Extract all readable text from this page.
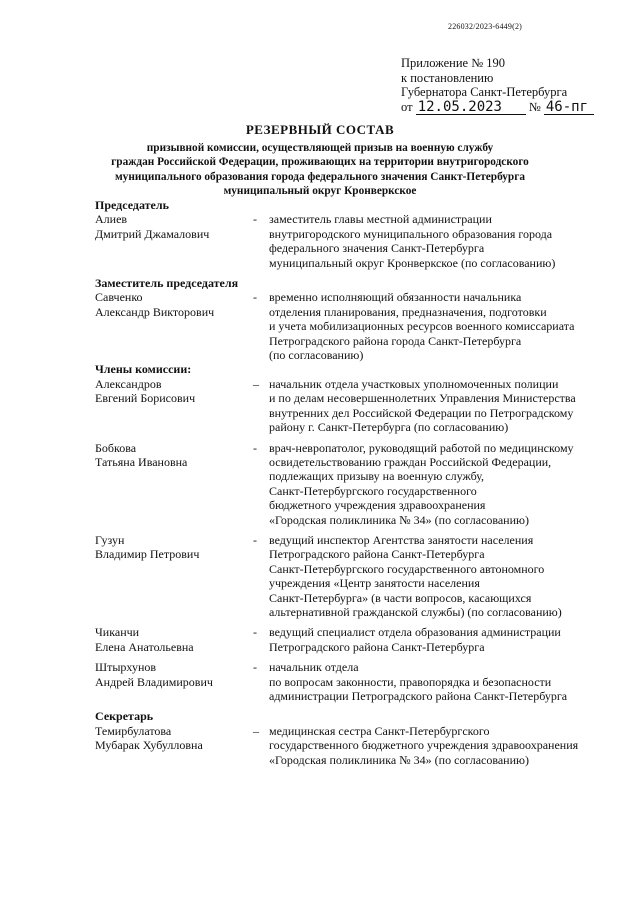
226032/2023-6449(2)
Приложение № 190
к постановлению
Губернатора Санкт-Петербурга
от 12.05.2023 № 46-пг
РЕЗЕРВНЫЙ СОСТАВ
призывной комиссии, осуществляющей призыв на военную службу
граждан Российской Федерации, проживающих на территории внутригородского
муниципального образования города федерального значения Санкт-Петербурга
муниципальный округ Кронверкское
Председатель
Алиев
Дмитрий Джамалович
-	заместитель главы местной администрации
внутригородского муниципального образования города
федерального значения Санкт-Петербурга
муниципальный округ Кронверкское (по согласованию)
Заместитель председателя
Савченко
Александр Викторович
-	временно исполняющий обязанности начальника
отделения планирования, предназначения, подготовки
и учета мобилизационных ресурсов военного комиссариата
Петроградского района города Санкт-Петербурга
(по согласованию)
Члены комиссии:
Александров
Евгений Борисович
– начальник отдела участковых уполномоченных полиции
и по делам несовершеннолетних Управления Министерства
внутренних дел Российской Федерации по Петроградскому
району г. Санкт-Петербурга (по согласованию)
Бобкова
Татьяна Ивановна
-	врач-невропатолог, руководящий работой по медицинскому
освидетельствованию граждан Российской Федерации,
подлежащих призыву на военную службу,
Санкт-Петербургского государственного
бюджетного учреждения здравоохранения
«Городская поликлиника № 34» (по согласованию)
Гузун
Владимир Петрович
-	ведущий инспектор Агентства занятости населения
Петроградского района Санкт-Петербурга
Санкт-Петербургского государственного автономного
учреждения «Центр занятости населения
Санкт-Петербурга» (в части вопросов, касающихся
альтернативной гражданской службы) (по согласованию)
Чиканчи
Елена Анатольевна
-	ведущий специалист отдела образования администрации
Петроградского района Санкт-Петербурга
Штырхунов
Андрей Владимирович
-	начальник отдела
по вопросам законности, правопорядка и безопасности
администрации Петроградского района Санкт-Петербурга
Секретарь
Темирбулатова
Мубарак Хубулловна
– медицинская сестра Санкт-Петербургского
государственного бюджетного учреждения здравоохранения
«Городская поликлиника № 34» (по согласованию)
